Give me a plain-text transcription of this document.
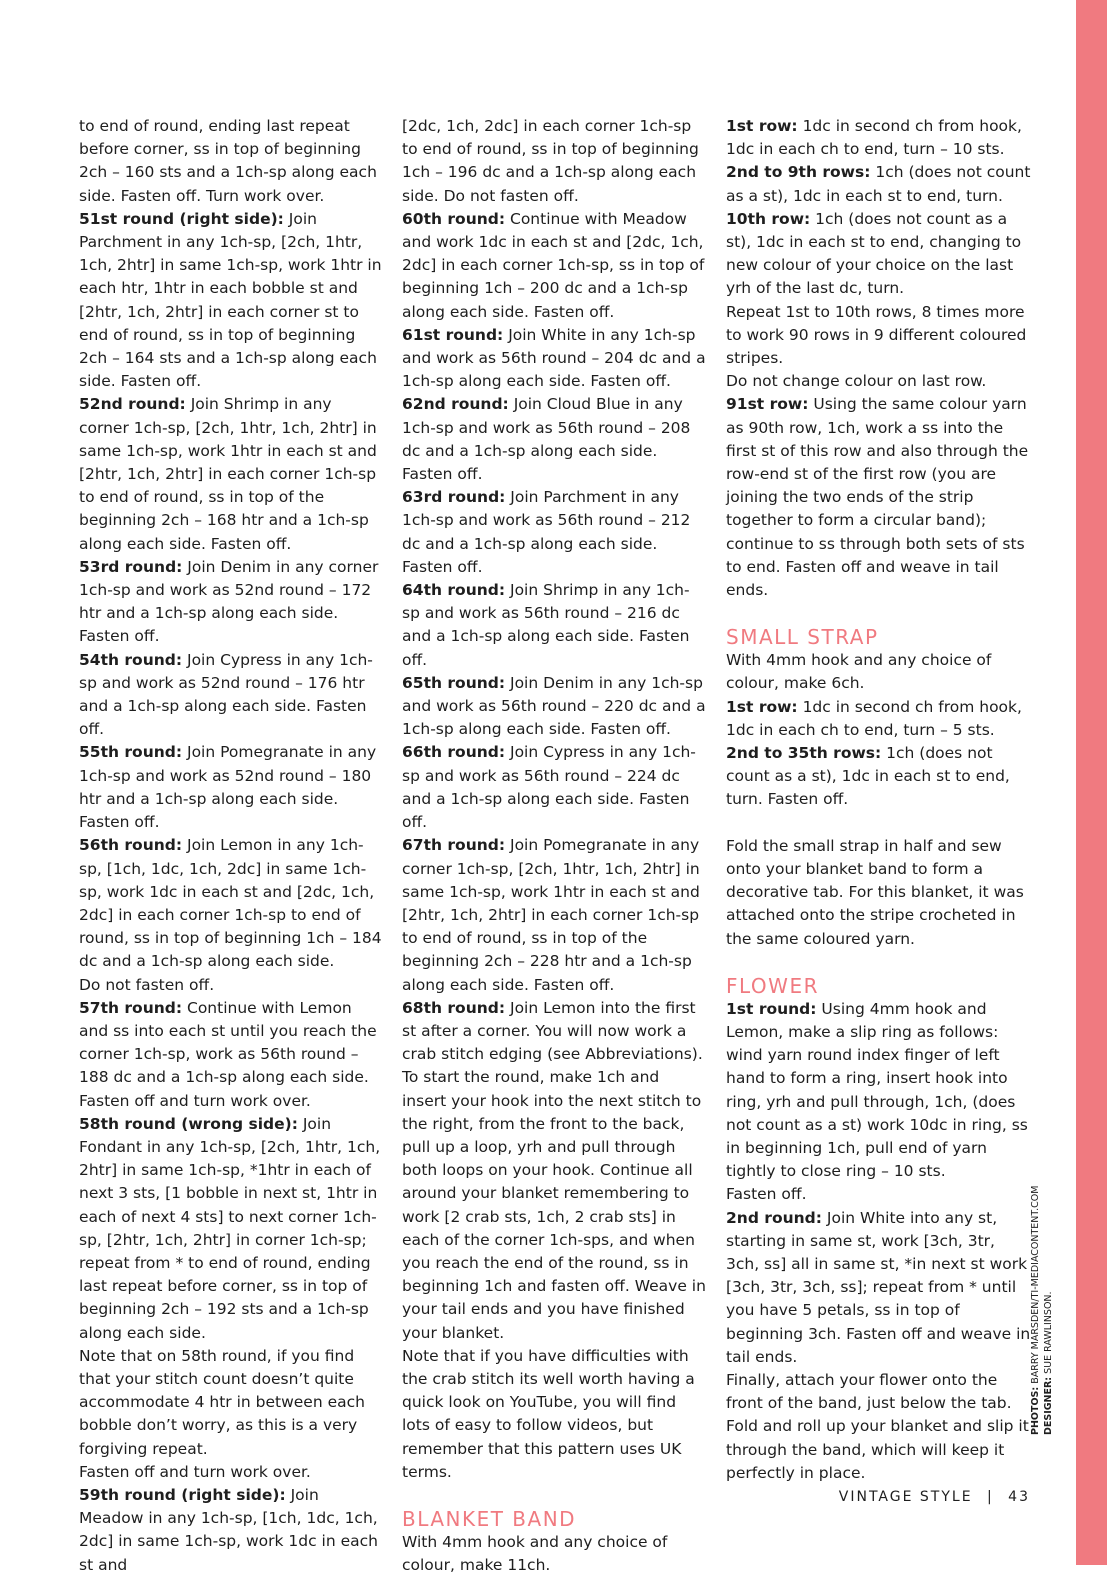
to end of round, ending last repeat before corner, ss in top of beginning 2ch – 160 sts and a 1ch-sp along each side. Fasten off. Turn work over.

51st round (right side): Join Parchment in any 1ch-sp, [2ch, 1htr, 1ch, 2htr] in same 1ch-sp, work 1htr in each htr, 1htr in each bobble st and [2htr, 1ch, 2htr] in each corner st to end of round, ss in top of beginning 2ch – 164 sts and a 1ch-sp along each side. Fasten off.

52nd round: Join Shrimp in any corner 1ch-sp, [2ch, 1htr, 1ch, 2htr] in same 1ch-sp, work 1htr in each st and [2htr, 1ch, 2htr] in each corner 1ch-sp to end of round, ss in top of the beginning 2ch – 168 htr and a 1ch-sp along each side. Fasten off.

53rd round: Join Denim in any corner 1ch-sp and work as 52nd round – 172 htr and a 1ch-sp along each side. Fasten off.

54th round: Join Cypress in any 1ch-sp and work as 52nd round – 176 htr and a 1ch-sp along each side. Fasten off.

55th round: Join Pomegranate in any 1ch-sp and work as 52nd round – 180 htr and a 1ch-sp along each side. Fasten off.

56th round: Join Lemon in any 1ch-sp, [1ch, 1dc, 1ch, 2dc] in same 1ch-sp, work 1dc in each st and [2dc, 1ch, 2dc] in each corner 1ch-sp to end of round, ss in top of beginning 1ch – 184 dc and a 1ch-sp along each side.

Do not fasten off.

57th round: Continue with Lemon and ss into each st until you reach the corner 1ch-sp, work as 56th round – 188 dc and a 1ch-sp along each side.

Fasten off and turn work over.

58th round (wrong side): Join Fondant in any 1ch-sp, [2ch, 1htr, 1ch, 2htr] in same 1ch-sp, *1htr in each of next 3 sts, [1 bobble in next st, 1htr in each of next 4 sts] to next corner 1ch-sp, [2htr, 1ch, 2htr] in corner 1ch-sp; repeat from * to end of round, ending last repeat before corner, ss in top of beginning 2ch – 192 sts and a 1ch-sp along each side.

Note that on 58th round, if you find that your stitch count doesn’t quite accommodate 4 htr in between each bobble don’t worry, as this is a very forgiving repeat.

Fasten off and turn work over.

59th round (right side): Join Meadow in any 1ch-sp, [1ch, 1dc, 1ch, 2dc] in same 1ch-sp, work 1dc in each st and

[2dc, 1ch, 2dc] in each corner 1ch-sp to end of round, ss in top of beginning 1ch – 196 dc and a 1ch-sp along each side. Do not fasten off.

60th round: Continue with Meadow and work 1dc in each st and [2dc, 1ch, 2dc] in each corner 1ch-sp, ss in top of beginning 1ch – 200 dc and a 1ch-sp along each side. Fasten off.

61st round: Join White in any 1ch-sp and work as 56th round – 204 dc and a 1ch-sp along each side. Fasten off.

62nd round: Join Cloud Blue in any 1ch-sp and work as 56th round – 208 dc and a 1ch-sp along each side. Fasten off.

63rd round: Join Parchment in any 1ch-sp and work as 56th round – 212 dc and a 1ch-sp along each side. Fasten off.

64th round: Join Shrimp in any 1ch-sp and work as 56th round – 216 dc and a 1ch-sp along each side. Fasten off.

65th round: Join Denim in any 1ch-sp and work as 56th round – 220 dc and a 1ch-sp along each side. Fasten off.

66th round: Join Cypress in any 1ch-sp and work as 56th round – 224 dc and a 1ch-sp along each side. Fasten off.

67th round: Join Pomegranate in any corner 1ch-sp, [2ch, 1htr, 1ch, 2htr] in same 1ch-sp, work 1htr in each st and [2htr, 1ch, 2htr] in each corner 1ch-sp to end of round, ss in top of the beginning 2ch – 228 htr and a 1ch-sp along each side. Fasten off.

68th round: Join Lemon into the first st after a corner. You will now work a crab stitch edging (see Abbreviations).

To start the round, make 1ch and insert your hook into the next stitch to the right, from the front to the back, pull up a loop, yrh and pull through both loops on your hook. Continue all around your blanket remembering to work [2 crab sts, 1ch, 2 crab sts] in each of the corner 1ch-sps, and when you reach the end of the round, ss in beginning 1ch and fasten off. Weave in your tail ends and you have finished your blanket.

Note that if you have difficulties with the crab stitch its well worth having a quick look on YouTube, you will find lots of easy to follow videos, but remember that this pattern uses UK terms.

BLANKET BAND

With 4mm hook and any choice of colour, make 11ch.

1st row: 1dc in second ch from hook, 1dc in each ch to end, turn – 10 sts.

2nd to 9th rows: 1ch (does not count as a st), 1dc in each st to end, turn.

10th row: 1ch (does not count as a st), 1dc in each st to end, changing to new colour of your choice on the last yrh of the last dc, turn.

Repeat 1st to 10th rows, 8 times more to work 90 rows in 9 different coloured stripes.

Do not change colour on last row.

91st row: Using the same colour yarn as 90th row, 1ch, work a ss into the first st of this row and also through the row-end st of the first row (you are joining the two ends of the strip together to form a circular band); continue to ss through both sets of sts to end. Fasten off and weave in tail ends.

SMALL STRAP

With 4mm hook and any choice of colour, make 6ch.

1st row: 1dc in second ch from hook, 1dc in each ch to end, turn – 5 sts.

2nd to 35th rows: 1ch (does not count as a st), 1dc in each st to end, turn. Fasten off.

Fold the small strap in half and sew onto your blanket band to form a decorative tab. For this blanket, it was attached onto the stripe crocheted in the same coloured yarn.

FLOWER

1st round: Using 4mm hook and Lemon, make a slip ring as follows: wind yarn round index finger of left hand to form a ring, insert hook into ring, yrh and pull through, 1ch, (does not count as a st) work 10dc in ring, ss in beginning 1ch, pull end of yarn tightly to close ring – 10 sts.

Fasten off.

2nd round: Join White into any st, starting in same st, work [3ch, 3tr, 3ch, ss] all in same st, *in next st work [3ch, 3tr, 3ch, ss]; repeat from * until you have 5 petals, ss in top of beginning 3ch. Fasten off and weave in tail ends.

Finally, attach your flower onto the front of the band, just below the tab. Fold and roll up your blanket and slip it through the band, which will keep it perfectly in place.

PHOTOS: BARRY MARSDEN/TI-MEDIACONTENT.COM
DESIGNER: SUE RAWLINSON.
VINTAGE STYLE | 43
